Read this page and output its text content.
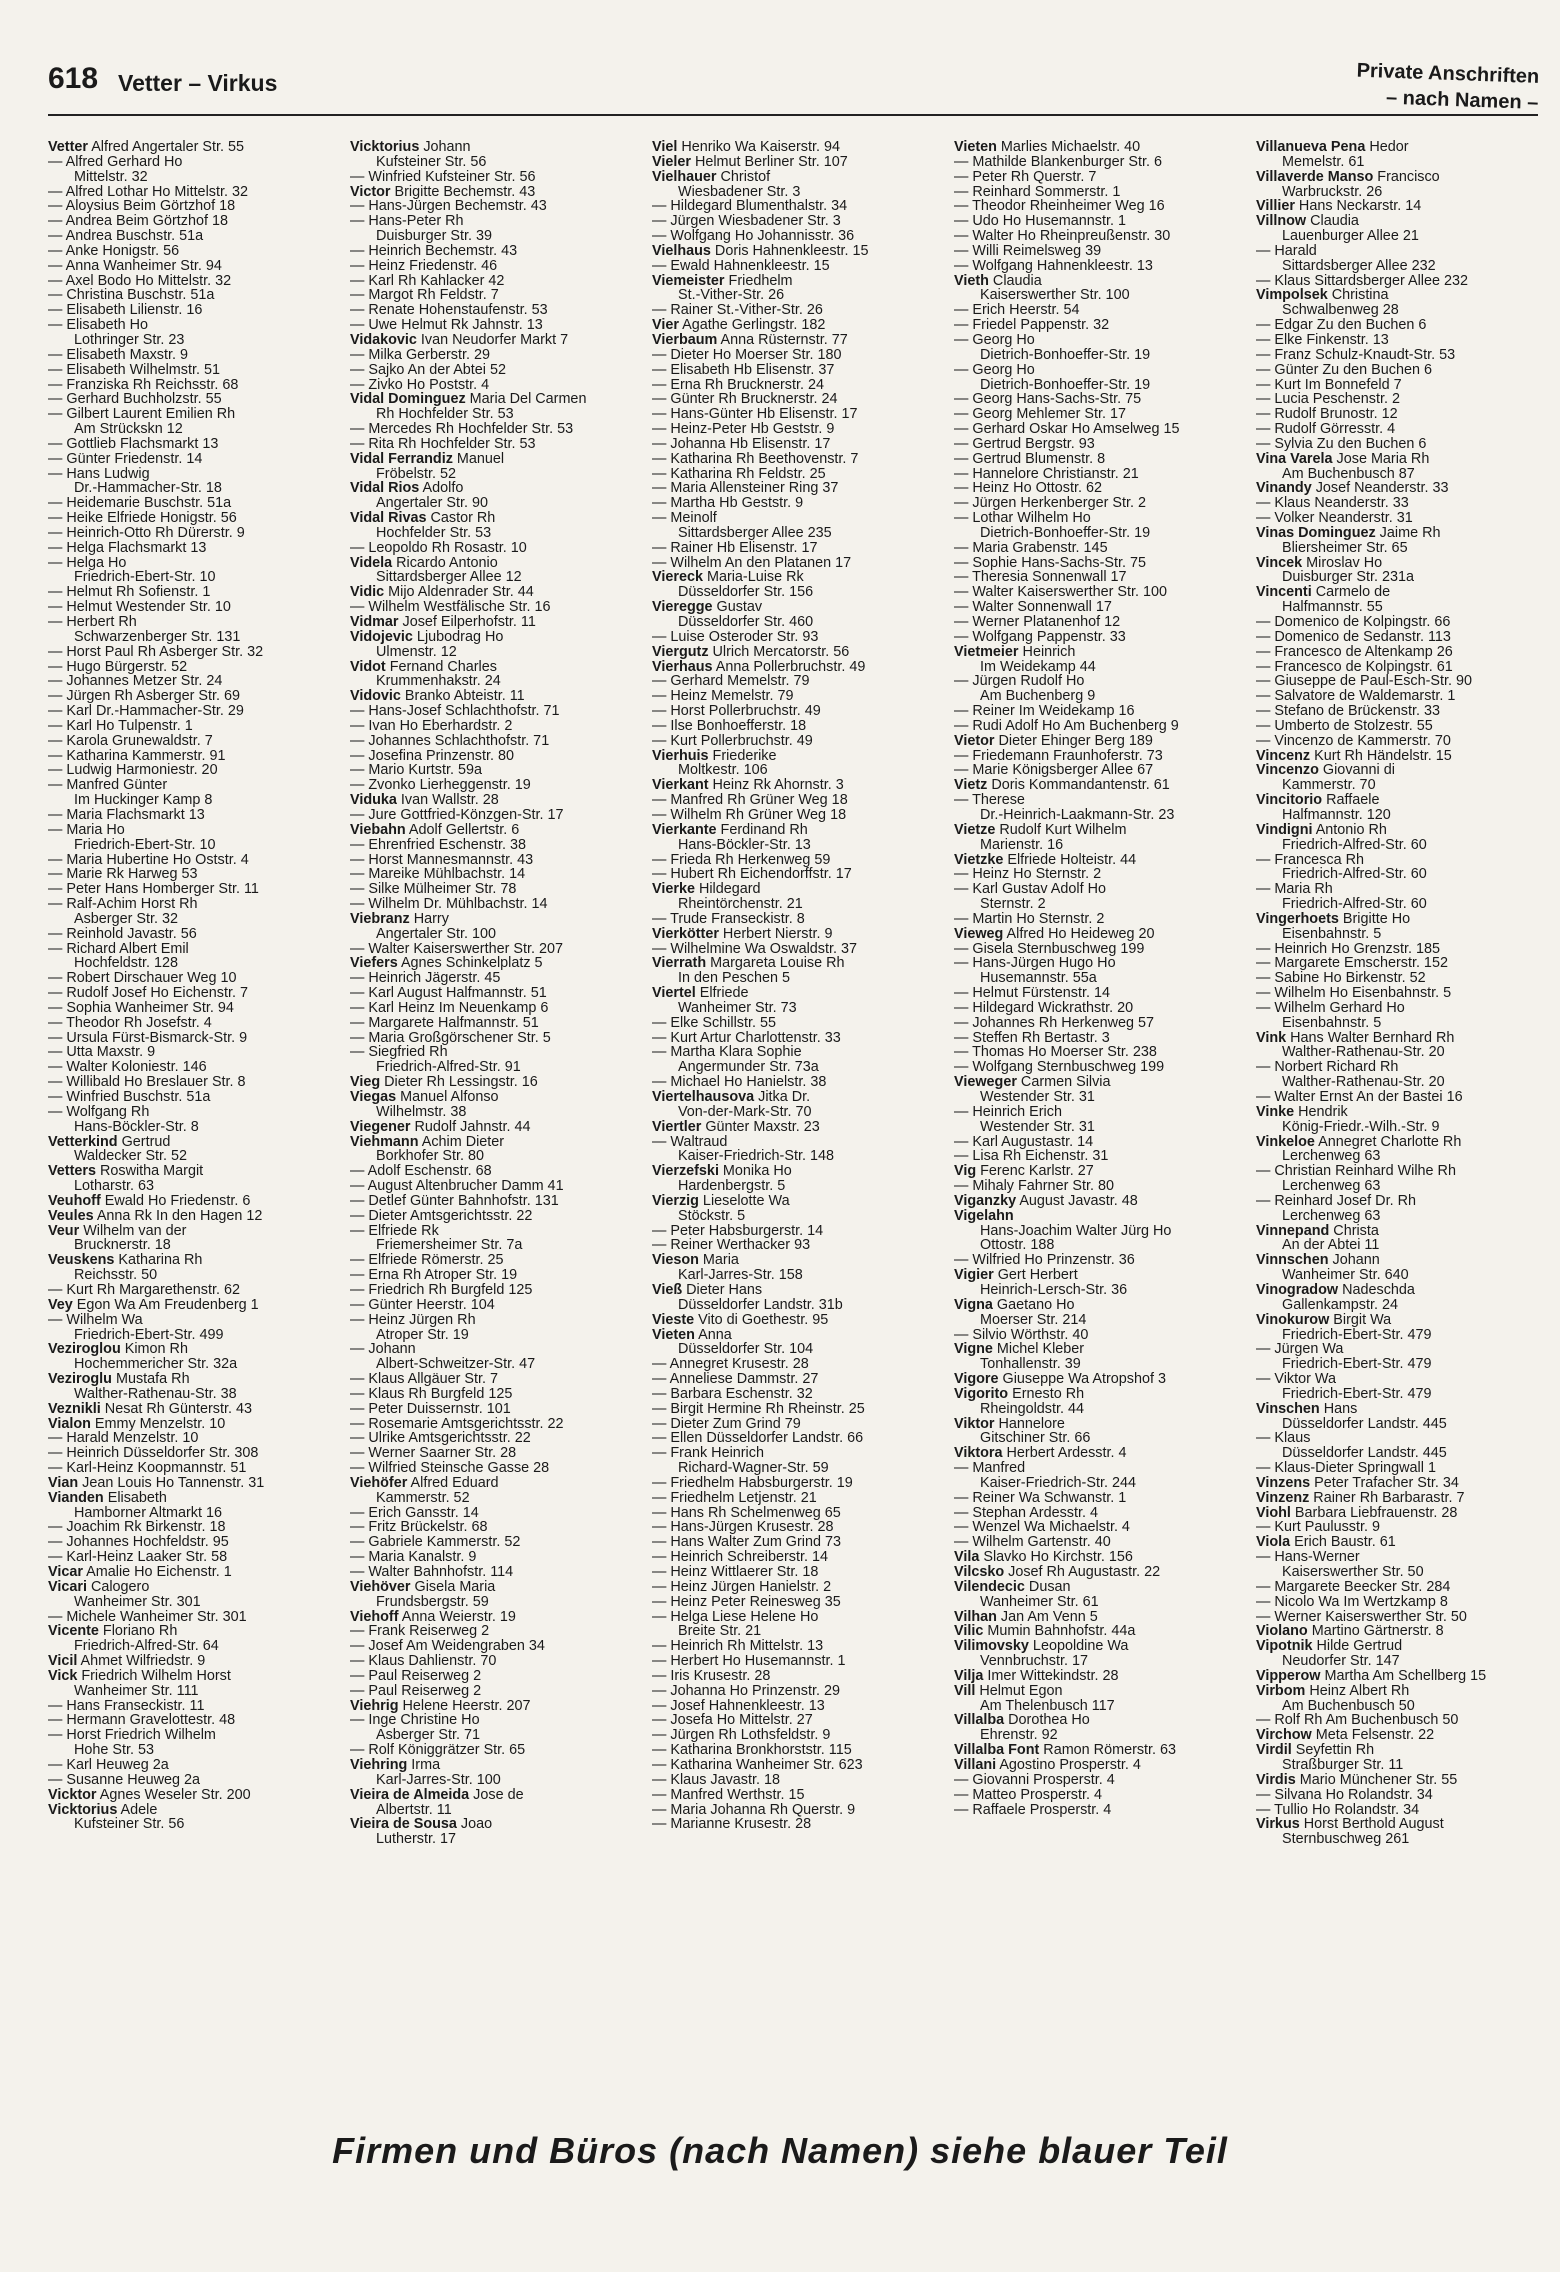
618 Vetter – Virkus	Private Anschriften
– nach Namen –
Vetter Alfred Angertaler Str. 55
— Alfred Gerhard Ho
Mittelstr. 32
— Alfred Lothar Ho Mittelstr. 32
— Aloysius Beim Görtzhof 18
— Andrea Beim Görtzhof 18
— Andrea Buschstr. 51a
— Anke Honigstr. 56
— Anna Wanheimer Str. 94
— Axel Bodo Ho Mittelstr. 32
— Christina Buschstr. 51a
— Elisabeth Lilienstr. 16
— Elisabeth Ho
Lothringer Str. 23
— Elisabeth Maxstr. 9
— Elisabeth Wilhelmstr. 51
— Franziska Rh Reichsstr. 68
— Gerhard Buchholzstr. 55
— Gilbert Laurent Emilien Rh
Am Strückskn 12
— Gottlieb Flachsmarkt 13
— Günter Friedenstr. 14
— Hans Ludwig
Dr.-Hammacher-Str. 18
— Heidemarie Buschstr. 51a
— Heike Elfriede Honigstr. 56
— Heinrich-Otto Rh Dürerstr. 9
— Helga Flachsmarkt 13
— Helga Ho
Friedrich-Ebert-Str. 10
— Helmut Rh Sofienstr. 1
— Helmut Westender Str. 10
— Herbert Rh
Schwarzenberger Str. 131
— Horst Paul Rh Asberger Str. 32
— Hugo Bürgerstr. 52
— Johannes Metzer Str. 24
— Jürgen Rh Asberger Str. 69
— Karl Dr.-Hammacher-Str. 29
— Karl Ho Tulpenstr. 1
— Karola Grunewaldstr. 7
— Katharina Kammerstr. 91
— Ludwig Harmoniestr. 20
— Manfred Günter
Im Huckinger Kamp 8
— Maria Flachsmarkt 13
— Maria Ho
Friedrich-Ebert-Str. 10
— Maria Hubertine Ho Oststr. 4
— Marie Rk Harweg 53
— Peter Hans Homberger Str. 11
— Ralf-Achim Horst Rh
Asberger Str. 32
— Reinhold Javastr. 56
— Richard Albert Emil
Hochfeldstr. 128
— Robert Dirschauer Weg 10
— Rudolf Josef Ho Eichenstr. 7
— Sophia Wanheimer Str. 94
— Theodor Rh Josefstr. 4
— Ursula Fürst-Bismarck-Str. 9
— Utta Maxstr. 9
— Walter Koloniestr. 146
— Willibald Ho Breslauer Str. 8
— Winfried Buschstr. 51a
— Wolfgang Rh
Hans-Böckler-Str. 8
Vetterkind Gertrud
Waldecker Str. 52
Vetters Roswitha Margit
Lotharstr. 63
Veuhoff Ewald Ho Friedenstr. 6
Veules Anna Rk In den Hagen 12
Veur Wilhelm van der
Brucknerstr. 18
Veuskens Katharina Rh
Reichsstr. 50
— Kurt Rh Margarethenstr. 62
Vey Egon Wa Am Freudenberg 1
— Wilhelm Wa
Friedrich-Ebert-Str. 499
Veziroglou Kimon Rh
Hochemmericher Str. 32a
Veziroglu Mustafa Rh
Walther-Rathenau-Str. 38
Veznikli Nesat Rh Günterstr. 43
Vialon Emmy Menzelstr. 10
— Harald Menzelstr. 10
— Heinrich Düsseldorfer Str. 308
— Karl-Heinz Koopmannstr. 51
Vian Jean Louis Ho Tannenstr. 31
Vianden Elisabeth
Hamborner Altmarkt 16
— Joachim Rk Birkenstr. 18
— Johannes Hochfeldstr. 95
— Karl-Heinz Laaker Str. 58
Vicar Amalie Ho Eichenstr. 1
Vicari Calogero
Wanheimer Str. 301
— Michele Wanheimer Str. 301
Vicente Floriano Rh
Friedrich-Alfred-Str. 64
Vicil Ahmet Wilfriedstr. 9
Vick Friedrich Wilhelm Horst
Wanheimer Str. 111
— Hans Franseckistr. 11
— Hermann Gravelottestr. 48
— Horst Friedrich Wilhelm
Hohe Str. 53
— Karl Heuweg 2a
— Susanne Heuweg 2a
Vicktor Agnes Weseler Str. 200
Vicktorius Adele
Kufsteiner Str. 56
Vicktorius Johann
Kufsteiner Str. 56
— Winfried Kufsteiner Str. 56
Victor Brigitte Bechemstr. 43
— Hans-Jürgen Bechemstr. 43
— Hans-Peter Rh
Duisburger Str. 39
— Heinrich Bechemstr. 43
— Heinz Friedenstr. 46
— Karl Rh Kahlacker 42
— Margot Rh Feldstr. 7
— Renate Hohenstaufenstr. 53
— Uwe Helmut Rk Jahnstr. 13
Vidakovic Ivan Neudorfer Markt 7
— Milka Gerberstr. 29
— Sajko An der Abtei 52
— Zivko Ho Poststr. 4
Vidal Dominguez Maria Del Carmen
Rh Hochfelder Str. 53
— Mercedes Rh Hochfelder Str. 53
— Rita Rh Hochfelder Str. 53
Vidal Ferrandiz Manuel
Fröbelstr. 52
Vidal Rios Adolfo
Angertaler Str. 90
Vidal Rivas Castor Rh
Hochfelder Str. 53
— Leopoldo Rh Rosastr. 10
Videla Ricardo Antonio
Sittardsberger Allee 12
Vidic Mijo Aldenrader Str. 44
— Wilhelm Westfälische Str. 16
Vidmar Josef Eilperhofstr. 11
Vidojevic Ljubodrag Ho
Ulmenstr. 12
Vidot Fernand Charles
Krummenhakstr. 24
Vidovic Branko Abteistr. 11
— Hans-Josef Schlachthofstr. 71
— Ivan Ho Eberhardstr. 2
— Johannes Schlachthofstr. 71
— Josefina Prinzenstr. 80
— Mario Kurtstr. 59a
— Zvonko Lierheggenstr. 19
Viduka Ivan Wallstr. 28
— Jure Gottfried-Könzgen-Str. 17
Viebahn Adolf Gellertstr. 6
— Ehrenfried Eschenstr. 38
— Horst Mannesmannstr. 43
— Mareike Mühlbachstr. 14
— Silke Mülheimer Str. 78
— Wilhelm Dr. Mühlbachstr. 14
Viebranz Harry
Angertaler Str. 100
— Walter Kaiserswerther Str. 207
Viefers Agnes Schinkelplatz 5
— Heinrich Jägerstr. 45
— Karl August Halfmannstr. 51
— Karl Heinz Im Neuenkamp 6
— Margarete Halfmannstr. 51
— Maria Großgörschener Str. 5
— Siegfried Rh
Friedrich-Alfred-Str. 91
Vieg Dieter Rh Lessingstr. 16
Viegas Manuel Alfonso
Wilhelmstr. 38
Viegener Rudolf Jahnstr. 44
Viehmann Achim Dieter
Borkhofer Str. 80
— Adolf Eschenstr. 68
— August Altenbrucher Damm 41
— Detlef Günter Bahnhofstr. 131
— Dieter Amtsgerichtsstr. 22
— Elfriede Rk
Friemersheimer Str. 7a
— Elfriede Römerstr. 25
— Erna Rh Atroper Str. 19
— Friedrich Rh Burgfeld 125
— Günter Heerstr. 104
— Heinz Jürgen Rh
Atroper Str. 19
— Johann
Albert-Schweitzer-Str. 47
— Klaus Allgäuer Str. 7
— Klaus Rh Burgfeld 125
— Peter Duissernstr. 101
— Rosemarie Amtsgerichtsstr. 22
— Ulrike Amtsgerichtsstr. 22
— Werner Saarner Str. 28
— Wilfried Steinsche Gasse 28
Viehöfer Alfred Eduard
Kammerstr. 52
— Erich Gansstr. 14
— Fritz Brückelstr. 68
— Gabriele Kammerstr. 52
— Maria Kanalstr. 9
— Walter Bahnhofstr. 114
Viehöver Gisela Maria
Frundsbergstr. 59
Viehoff Anna Weierstr. 19
— Frank Reiserweg 2
— Josef Am Weidengraben 34
— Klaus Dahlienstr. 70
— Paul Reiserweg 2
— Paul Reiserweg 2
Viehrig Helene Heerstr. 207
— Inge Christine Ho
Asberger Str. 71
— Rolf Königgrätzer Str. 65
Viehring Irma
Karl-Jarres-Str. 100
Vieira de Almeida Jose de
Albertstr. 11
Vieira de Sousa Joao
Lutherstr. 17
Viel Henriko Wa Kaiserstr. 94
Vieler Helmut Berliner Str. 107
Vielhauer Christof
Wiesbadener Str. 3
— Hildegard Blumenthalstr. 34
— Jürgen Wiesbadener Str. 3
— Wolfgang Ho Johannisstr. 36
Vielhaus Doris Hahnenkleestr. 15
— Ewald Hahnenkleestr. 15
Viemeister Friedhelm
St.-Vither-Str. 26
— Rainer St.-Vither-Str. 26
Vier Agathe Gerlingstr. 182
Vierbaum Anna Rüsternstr. 77
— Dieter Ho Moerser Str. 180
— Elisabeth Hb Elisenstr. 37
— Erna Rh Brucknerstr. 24
— Günter Rh Brucknerstr. 24
— Hans-Günter Hb Elisenstr. 17
— Heinz-Peter Hb Geststr. 9
— Johanna Hb Elisenstr. 17
— Katharina Rh Beethovenstr. 7
— Katharina Rh Feldstr. 25
— Maria Allensteiner Ring 37
— Martha Hb Geststr. 9
— Meinolf
Sittardsberger Allee 235
— Rainer Hb Elisenstr. 17
— Wilhelm An den Platanen 17
Viereck Maria-Luise Rk
Düsseldorfer Str. 156
Vieregge Gustav
Düsseldorfer Str. 460
— Luise Osteroder Str. 93
Viergutz Ulrich Mercatorstr. 56
Vierhaus Anna Pollerbruchstr. 49
— Gerhard Memelstr. 79
— Heinz Memelstr. 79
— Horst Pollerbruchstr. 49
— Ilse Bonhoefferstr. 18
— Kurt Pollerbruchstr. 49
Vierhuis Friederike
Moltkestr. 106
Vierkant Heinz Rk Ahornstr. 3
— Manfred Rh Grüner Weg 18
— Wilhelm Rh Grüner Weg 18
Vierkante Ferdinand Rh
Hans-Böckler-Str. 13
— Frieda Rh Herkenweg 59
— Hubert Rh Eichendorffstr. 17
Vierke Hildegard
Rheintörchenstr. 21
— Trude Franseckistr. 8
Vierkötter Herbert Nierstr. 9
— Wilhelmine Wa Oswaldstr. 37
Vierrath Margareta Louise Rh
In den Peschen 5
Viertel Elfriede
Wanheimer Str. 73
— Elke Schillstr. 55
— Kurt Artur Charlottenstr. 33
— Martha Klara Sophie
Angermunder Str. 73a
— Michael Ho Hanielstr. 38
Viertelhausova Jitka Dr.
Von-der-Mark-Str. 70
Viertler Günter Maxstr. 23
— Waltraud
Kaiser-Friedrich-Str. 148
Vierzefski Monika Ho
Hardenbergstr. 5
Vierzig Lieselotte Wa
Stöckstr. 5
— Peter Habsburgerstr. 14
— Reiner Werthacker 93
Vieson Maria
Karl-Jarres-Str. 158
Vieß Dieter Hans
Düsseldorfer Landstr. 31b
Vieste Vito di Goethestr. 95
Vieten Anna
Düsseldorfer Str. 104
— Annegret Krusestr. 28
— Anneliese Dammstr. 27
— Barbara Eschenstr. 32
— Birgit Hermine Rh Rheinstr. 25
— Dieter Zum Grind 79
— Ellen Düsseldorfer Landstr. 66
— Frank Heinrich
Richard-Wagner-Str. 59
— Friedhelm Habsburgerstr. 19
— Friedhelm Letjenstr. 21
— Hans Rh Schelmenweg 65
— Hans-Jürgen Krusestr. 28
— Hans Walter Zum Grind 73
— Heinrich Schreiberstr. 14
— Heinz Wittlaerer Str. 18
— Heinz Jürgen Hanielstr. 2
— Heinz Peter Reinesweg 35
— Helga Liese Helene Ho
Breite Str. 21
— Heinrich Rh Mittelstr. 13
— Herbert Ho Husemannstr. 1
— Iris Krusestr. 28
— Johanna Ho Prinzenstr. 29
— Josef Hahnenkleestr. 13
— Josefa Ho Mittelstr. 27
— Jürgen Rh Lothsfeldstr. 9
— Katharina Bronkhorststr. 115
— Katharina Wanheimer Str. 623
— Klaus Javastr. 18
— Manfred Werthstr. 15
— Maria Johanna Rh Querstr. 9
— Marianne Krusestr. 28
Vieten Marlies Michaelstr. 40
— Mathilde Blankenburger Str. 6
— Peter Rh Querstr. 7
— Reinhard Sommerstr. 1
— Theodor Rheinheimer Weg 16
— Udo Ho Husemannstr. 1
— Walter Ho Rheinpreußenstr. 30
— Willi Reimelsweg 39
— Wolfgang Hahnenkleestr. 13
Vieth Claudia
Kaiserswerther Str. 100
— Erich Heerstr. 54
— Friedel Pappenstr. 32
— Georg Ho
Dietrich-Bonhoeffer-Str. 19
— Georg Ho
Dietrich-Bonhoeffer-Str. 19
— Georg Hans-Sachs-Str. 75
— Georg Mehlemer Str. 17
— Gerhard Oskar Ho Amselweg 15
— Gertrud Bergstr. 93
— Gertrud Blumenstr. 8
— Hannelore Christianstr. 21
— Heinz Ho Ottostr. 62
— Jürgen Herkenberger Str. 2
— Lothar Wilhelm Ho
Dietrich-Bonhoeffer-Str. 19
— Maria Grabenstr. 145
— Sophie Hans-Sachs-Str. 75
— Theresia Sonnenwall 17
— Walter Kaiserswerther Str. 100
— Walter Sonnenwall 17
— Werner Platanenhof 12
— Wolfgang Pappenstr. 33
Vietmeier Heinrich
Im Weidekamp 44
— Jürgen Rudolf Ho
Am Buchenberg 9
— Reiner Im Weidekamp 16
— Rudi Adolf Ho Am Buchenberg 9
Vietor Dieter Ehinger Berg 189
— Friedemann Fraunhoferstr. 73
— Marie Königsberger Allee 67
Vietz Doris Kommandantenstr. 61
— Therese
Dr.-Heinrich-Laakmann-Str. 23
Vietze Rudolf Kurt Wilhelm
Marienstr. 16
Vietzke Elfriede Holteistr. 44
— Heinz Ho Sternstr. 2
— Karl Gustav Adolf Ho
Sternstr. 2
— Martin Ho Sternstr. 2
Vieweg Alfred Ho Heideweg 20
— Gisela Sternbuschweg 199
— Hans-Jürgen Hugo Ho
Husemannstr. 55a
— Helmut Fürstenstr. 14
— Hildegard Wickrathstr. 20
— Johannes Rh Herkenweg 57
— Steffen Rh Bertastr. 3
— Thomas Ho Moerser Str. 238
— Wolfgang Sternbuschweg 199
Vieweger Carmen Silvia
Westender Str. 31
— Heinrich Erich
Westender Str. 31
— Karl Augustastr. 14
— Lisa Rh Eichenstr. 31
Vig Ferenc Karlstr. 27
— Mihaly Fahrner Str. 80
Viganzky August Javastr. 48
Vigelahn
Hans-Joachim Walter Jürg Ho
Ottostr. 188
— Wilfried Ho Prinzenstr. 36
Vigier Gert Herbert
Heinrich-Lersch-Str. 36
Vigna Gaetano Ho
Moerser Str. 214
— Silvio Wörthstr. 40
Vigne Michel Kleber
Tonhallenstr. 39
Vigore Giuseppe Wa Atropshof 3
Vigorito Ernesto Rh
Rheingoldstr. 44
Viktor Hannelore
Gitschiner Str. 66
Viktora Herbert Ardesstr. 4
— Manfred
Kaiser-Friedrich-Str. 244
— Reiner Wa Schwanstr. 1
— Stephan Ardesstr. 4
— Wenzel Wa Michaelstr. 4
— Wilhelm Gartenstr. 40
Vila Slavko Ho Kirchstr. 156
Vilcsko Josef Rh Augustastr. 22
Vilendecic Dusan
Wanheimer Str. 61
Vilhan Jan Am Venn 5
Vilic Mumin Bahnhofstr. 44a
Vilimovsky Leopoldine Wa
Vennbruchstr. 17
Vilja Imer Wittekindstr. 28
Vill Helmut Egon
Am Thelenbusch 117
Villalba Dorothea Ho
Ehrenstr. 92
Villalba Font Ramon Römerstr. 63
Villani Agostino Prosperstr. 4
— Giovanni Prosperstr. 4
— Matteo Prosperstr. 4
— Raffaele Prosperstr. 4
Villanueva Pena Hedor
Memelstr. 61
Villaverde Manso Francisco
Warbruckstr. 26
Villier Hans Neckarstr. 14
Villnow Claudia
Lauenburger Allee 21
— Harald
Sittardsberger Allee 232
— Klaus Sittardsberger Allee 232
Vimpolsek Christina
Schwalbenweg 28
— Edgar Zu den Buchen 6
— Elke Finkenstr. 13
— Franz Schulz-Knaudt-Str. 53
— Günter Zu den Buchen 6
— Kurt Im Bonnefeld 7
— Lucia Peschenstr. 2
— Rudolf Brunostr. 12
— Rudolf Görresstr. 4
— Sylvia Zu den Buchen 6
Vina Varela Jose Maria Rh
Am Buchenbusch 87
Vinandy Josef Neanderstr. 33
— Klaus Neanderstr. 33
— Volker Neanderstr. 31
Vinas Dominguez Jaime Rh
Bliersheimer Str. 65
Vincek Miroslav Ho
Duisburger Str. 231a
Vincenti Carmelo de
Halfmannstr. 55
— Domenico de Kolpingstr. 66
— Domenico de Sedanstr. 113
— Francesco de Altenkamp 26
— Francesco de Kolpingstr. 61
— Giuseppe de Paul-Esch-Str. 90
— Salvatore de Waldemarstr. 1
— Stefano de Brückenstr. 33
— Umberto de Stolzestr. 55
— Vincenzo de Kammerstr. 70
Vincenz Kurt Rh Händelstr. 15
Vincenzo Giovanni di
Kammerstr. 70
Vincitorio Raffaele
Halfmannstr. 120
Vindigni Antonio Rh
Friedrich-Alfred-Str. 60
— Francesca Rh
Friedrich-Alfred-Str. 60
— Maria Rh
Friedrich-Alfred-Str. 60
Vingerhoets Brigitte Ho
Eisenbahnstr. 5
— Heinrich Ho Grenzstr. 185
— Margarete Emscherstr. 152
— Sabine Ho Birkenstr. 52
— Wilhelm Ho Eisenbahnstr. 5
— Wilhelm Gerhard Ho
Eisenbahnstr. 5
Vink Hans Walter Bernhard Rh
Walther-Rathenau-Str. 20
— Norbert Richard Rh
Walther-Rathenau-Str. 20
— Walter Ernst An der Bastei 16
Vinke Hendrik
König-Friedr.-Wilh.-Str. 9
Vinkeloe Annegret Charlotte Rh
Lerchenweg 63
— Christian Reinhard Wilhe Rh
Lerchenweg 63
— Reinhard Josef Dr. Rh
Lerchenweg 63
Vinnepand Christa
An der Abtei 11
Vinnschen Johann
Wanheimer Str. 640
Vinogradow Nadeschda
Gallenkampstr. 24
Vinokurow Birgit Wa
Friedrich-Ebert-Str. 479
— Jürgen Wa
Friedrich-Ebert-Str. 479
— Viktor Wa
Friedrich-Ebert-Str. 479
Vinschen Hans
Düsseldorfer Landstr. 445
— Klaus
Düsseldorfer Landstr. 445
— Klaus-Dieter Springwall 1
Vinzens Peter Trafacher Str. 34
Vinzenz Rainer Rh Barbarastr. 7
Viohl Barbara Liebfrauenstr. 28
— Kurt Paulusstr. 9
Viola Erich Baustr. 61
— Hans-Werner
Kaiserswerther Str. 50
— Margarete Beecker Str. 284
— Nicolo Wa Im Wertzkamp 8
— Werner Kaiserswerther Str. 50
Violano Martino Gärtnerstr. 8
Vipotnik Hilde Gertrud
Neudorfer Str. 147
Vipperow Martha Am Schellberg 15
Virbom Heinz Albert Rh
Am Buchenbusch 50
— Rolf Rh Am Buchenbusch 50
Virchow Meta Felsenstr. 22
Virdil Seyfettin Rh
Straßburger Str. 11
Virdis Mario Münchener Str. 55
— Silvana Ho Rolandstr. 34
— Tullio Ho Rolandstr. 34
Virkus Horst Berthold August
Sternbuschweg 261
Firmen und Büros (nach Namen) siehe blauer Teil
